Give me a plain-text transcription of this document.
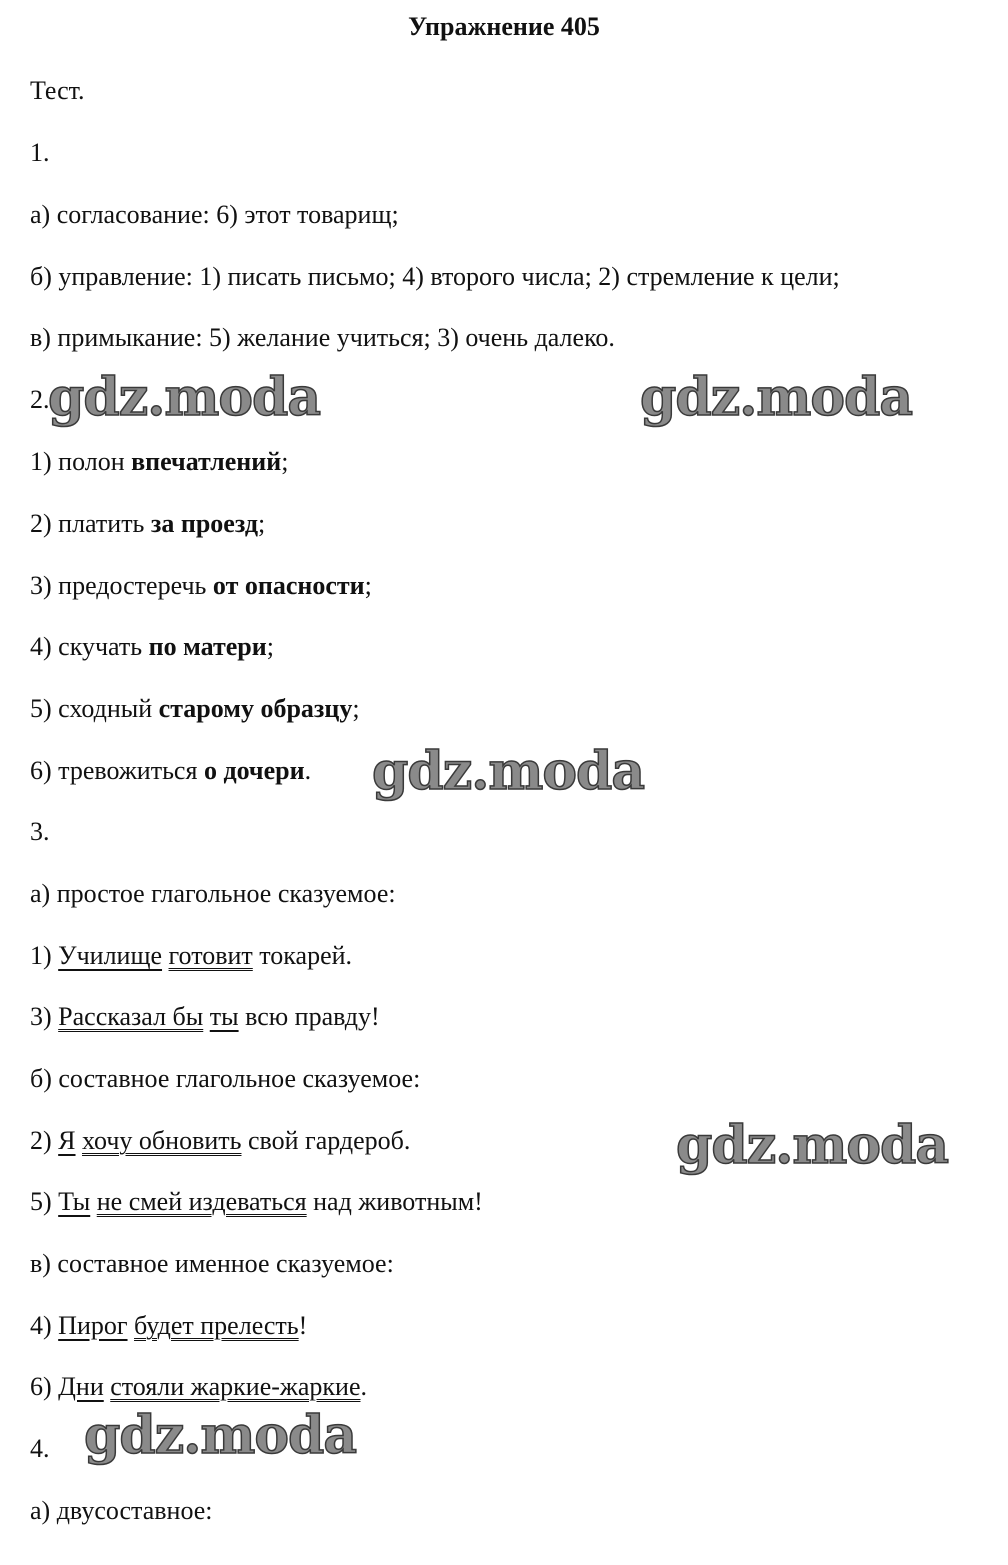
Упражнение 405
Тест.
1.
а) согласование: 6) этот товарищ;
б) управление: 1) писать письмо; 4) второго числа; 2) стремление к цели;
в) примыкание: 5) желание учиться; 3) очень далеко.
2.
1) полон впечатлений;
2) платить за проезд;
3) предостеречь от опасности;
4) скучать по матери;
5) сходный старому образцу;
6) тревожиться о дочери.
3.
а) простое глагольное сказуемое:
1) Училище готовит токарей.
3) Рассказал бы ты всю правду!
б) составное глагольное сказуемое:
2) Я хочу обновить свой гардероб.
5) Ты не смей издеваться над животным!
в) составное именное сказуемое:
4) Пирог будет прелесть!
6) Дни стояли жаркие-жаркие.
4.
а) двусоставное:
gdz.moda	gdz.moda
gdz.moda
gdz.moda
gdz.moda
